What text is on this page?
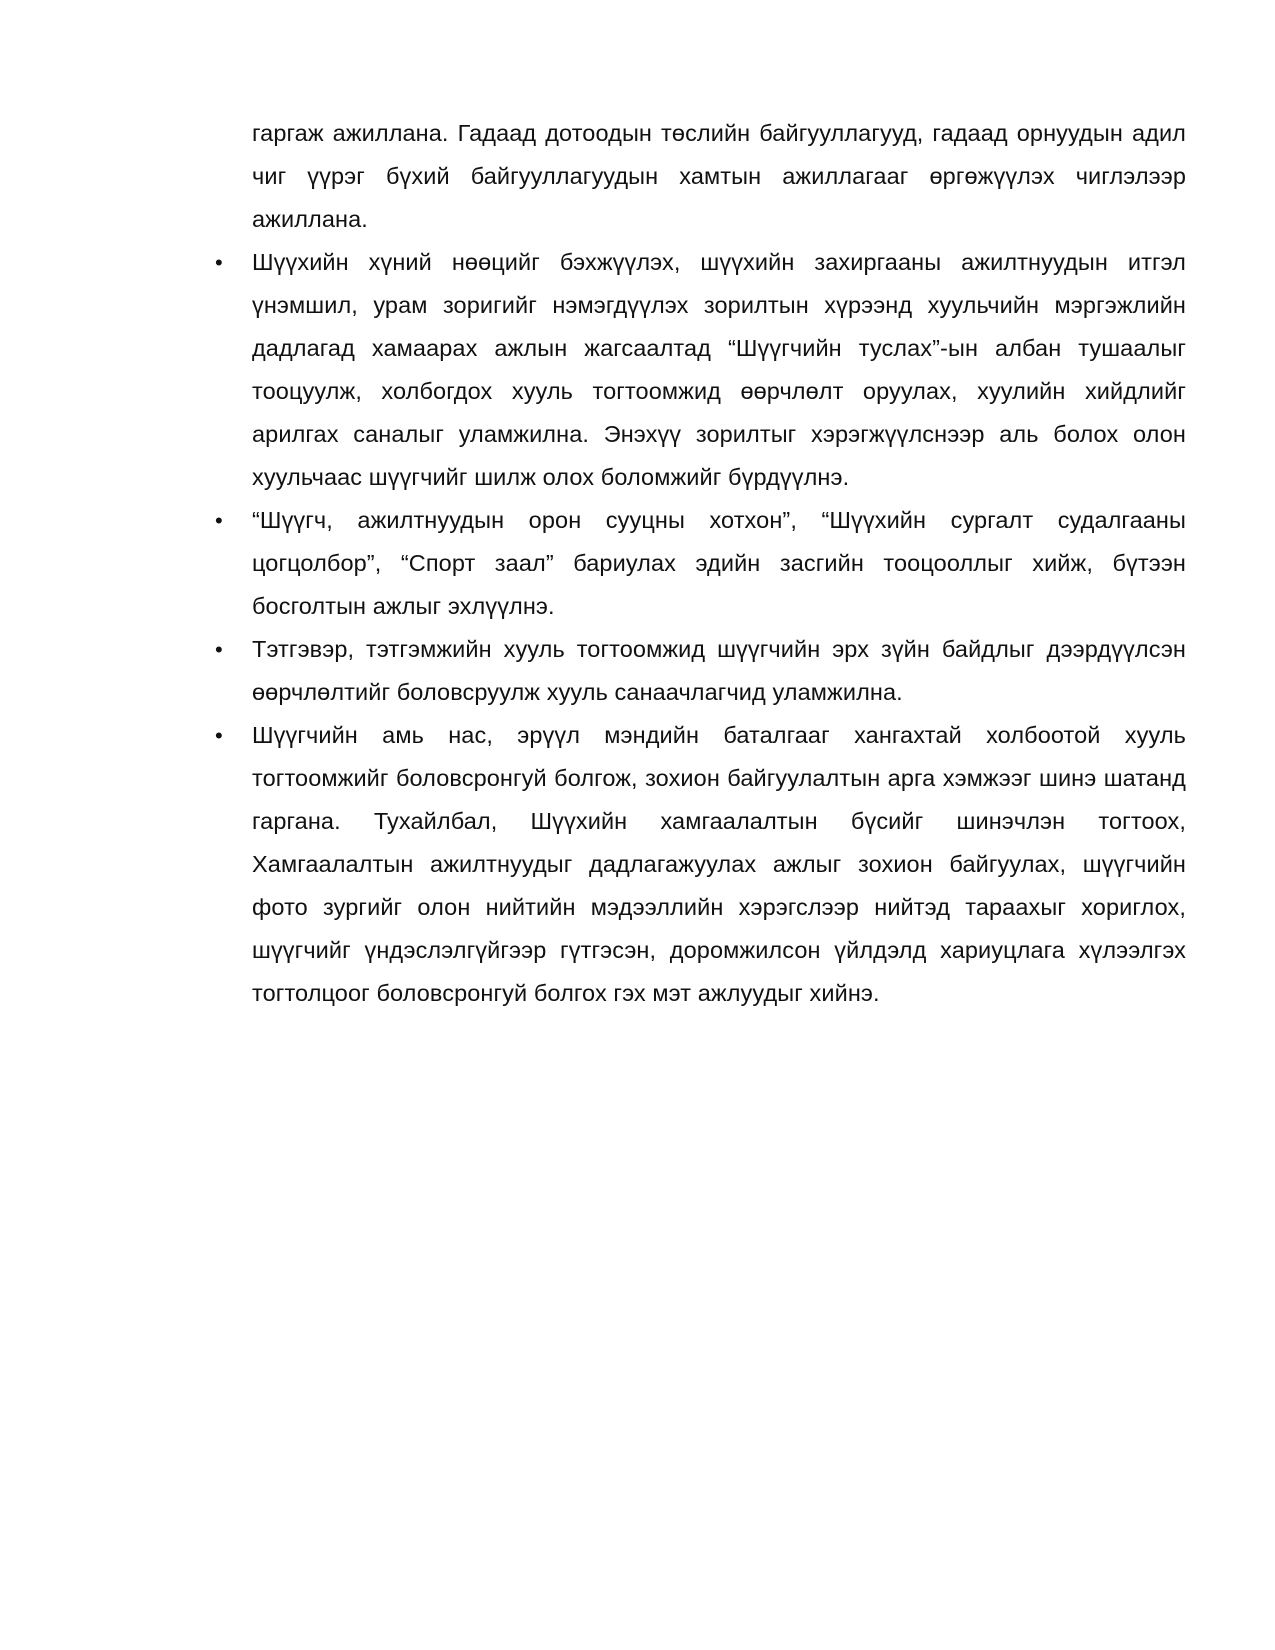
гаргаж ажиллана. Гадаад дотоодын төслийн байгууллагууд, гадаад орнуудын адил чиг үүрэг бүхий байгууллагуудын хамтын ажиллагааг өргөжүүлэх чиглэлээр ажиллана.

• Шүүхийн хүний нөөцийг бэхжүүлэх, шүүхийн захиргааны ажилтнуудын итгэл үнэмшил, урам зоригийг нэмэгдүүлэх зорилтын хүрээнд хуульчийн мэргэжлийн дадлагад хамаарах ажлын жагсаалтад “Шүүгчийн туслах”-ын албан тушаалыг тооцуулж, холбогдох хууль тогтоомжид өөрчлөлт оруулах, хуулийн хийдлийг арилгах саналыг уламжилна. Энэхүү зорилтыг хэрэгжүүлснээр аль болох олон хуульчаас шүүгчийг шилж олох боломжийг бүрдүүлнэ.
• “Шүүгч, ажилтнуудын орон сууцны хотхон”, “Шүүхийн сургалт судалгааны цогцолбор”, “Спорт заал” бариулах эдийн засгийн тооцооллыг хийж, бүтээн босголтын ажлыг эхлүүлнэ.
• Тэтгэвэр, тэтгэмжийн хууль тогтоомжид шүүгчийн эрх зүйн байдлыг дээрдүүлсэн өөрчлөлтийг боловсруулж хууль санаачлагчид уламжилна.
• Шүүгчийн амь нас, эрүүл мэндийн баталгааг хангахтай холбоотой хууль тогтоомжийг боловсронгуй болгож, зохион байгуулалтын арга хэмжээг шинэ шатанд гаргана. Тухайлбал, Шүүхийн хамгаалалтын бүсийг шинэчлэн тогтоох, Хамгаалалтын ажилтнуудыг дадлагажуулах ажлыг зохион байгуулах, шүүгчийн фото зургийг олон нийтийн мэдээллийн хэрэгслээр нийтэд тараахыг хориглох, шүүгчийг үндэслэлгүйгээр гүтгэсэн, доромжилсон үйлдэлд хариуцлага хүлээлгэх тогтолцоог боловсронгуй болгох гэх мэт ажлуудыг хийнэ.
